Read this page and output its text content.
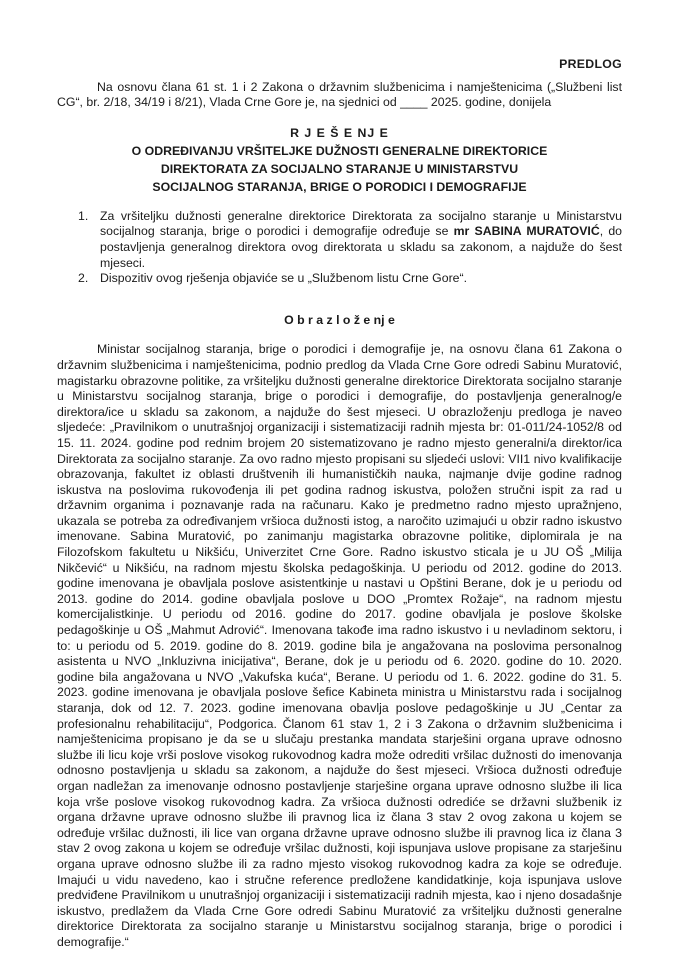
PREDLOG

Na osnovu člana 61 st. 1 i 2 Zakona o državnim službenicima i namještenicima („Službeni list CG“, br. 2/18, 34/19 i 8/21), Vlada Crne Gore je, na sjednici od ____ 2025. godine, donijela

R J E Š E NJ E
O ODREĐIVANJU VRŠITELJKE DUŽNOSTI GENERALNE DIREKTORICE
DIREKTORATA ZA SOCIJALNO STARANJE U MINISTARSTVU
SOCIJALNOG STARANJA, BRIGE O PORODICI I DEMOGRAFIJE
1. Za vršiteljku dužnosti generalne direktorice Direktorata za socijalno staranje u Ministarstvu socijalnog staranja, brige o porodici i demografije određuje se mr SABINA MURATOVIĆ, do postavljenja generalnog direktora ovog direktorata u skladu sa zakonom, a najduže do šest mjeseci.
2. Dispozitiv ovog rješenja objaviće se u „Službenom listu Crne Gore“.
O b r a z l o ž e nj e

Ministar socijalnog staranja, brige o porodici i demografije je, na osnovu člana 61 Zakona o državnim službenicima i namještenicima, podnio predlog da Vlada Crne Gore odredi Sabinu Muratović, magistarku obrazovne politike, za vršiteljku dužnosti generalne direktorice Direktorata socijalno staranje u Ministarstvu socijalnog staranja, brige o porodici i demografije, do postavljenja generalnog/e direktora/ice u skladu sa zakonom, a najduže do šest mjeseci. U obrazloženju predloga je naveo sljedeće: „Pravilnikom o unutrašnjoj organizaciji i sistematizaciji radnih mjesta br: 01-011/24-1052/8 od 15. 11. 2024. godine pod rednim brojem 20 sistematizovano je radno mjesto generalni/a direktor/ica Direktorata za socijalno staranje. Za ovo radno mjesto propisani su sljedeći uslovi: VII1 nivo kvalifikacije obrazovanja, fakultet iz oblasti društvenih ili humanističkih nauka, najmanje dvije godine radnog iskustva na poslovima rukovođenja ili pet godina radnog iskustva, položen stručni ispit za rad u državnim organima i poznavanje rada na računaru. Kako je predmetno radno mjesto upražnjeno, ukazala se potreba za određivanjem vršioca dužnosti istog, a naročito uzimajući u obzir radno iskustvo imenovane. Sabina Muratović, po zanimanju magistarka obrazovne politike, diplomirala je na Filozofskom fakultetu u Nikšiću, Univerzitet Crne Gore. Radno iskustvo sticala je u JU OŠ „Milija Nikčević“ u Nikšiću, na radnom mjestu školska pedagoškinja. U periodu od 2012. godine do 2013. godine imenovana je obavljala poslove asistentkinje u nastavi u Opštini Berane, dok je u periodu od 2013. godine do 2014. godine obavljala poslove u DOO „Promtex Rožaje“, na radnom mjestu komercijalistkinje. U periodu od 2016. godine do 2017. godine obavljala je poslove školske pedagoškinje u OŠ „Mahmut Adrović“. Imenovana takođe ima radno iskustvo i u nevladinom sektoru, i to: u periodu od 5. 2019. godine do 8. 2019. godine bila je angažovana na poslovima personalnog asistenta u NVO „Inkluzivna inicijativa“, Berane, dok je u periodu od 6. 2020. godine do 10. 2020. godine bila angažovana u NVO „Vakufska kuća“, Berane. U periodu od 1. 6. 2022. godine do 31. 5. 2023. godine imenovana je obavljala poslove šefice Kabineta ministra u Ministarstvu rada i socijalnog staranja, dok od 12. 7. 2023. godine imenovana obavlja poslove pedagoškinje u JU „Centar za profesionalnu rehabilitaciju“, Podgorica. Članom 61 stav 1, 2 i 3 Zakona o državnim službenicima i namještenicima propisano je da se u slučaju prestanka mandata starješini organa uprave odnosno službe ili licu koje vrši poslove visokog rukovodnog kadra može odrediti vršilac dužnosti do imenovanja odnosno postavljenja u skladu sa zakonom, a najduže do šest mjeseci. Vršioca dužnosti određuje organ nadležan za imenovanje odnosno postavljenje starješine organa uprave odnosno službe ili lica koja vrše poslove visokog rukovodnog kadra. Za vršioca dužnosti odrediće se državni službenik iz organa državne uprave odnosno službe ili pravnog lica iz člana 3 stav 2 ovog zakona u kojem se određuje vršilac dužnosti, ili lice van organa državne uprave odnosno službe ili pravnog lica iz člana 3 stav 2 ovog zakona u kojem se određuje vršilac dužnosti, koji ispunjava uslove propisane za starješinu organa uprave odnosno službe ili za radno mjesto visokog rukovodnog kadra za koje se određuje. Imajući u vidu navedeno, kao i stručne reference predložene kandidatkinje, koja ispunjava uslove predviđene Pravilnikom u unutrašnjoj organizaciji i sistematizaciji radnih mjesta, kao i njeno dosadašnje iskustvo, predlažem da Vlada Crne Gore odredi Sabinu Muratović za vršiteljku dužnosti generalne direktorice Direktorata za socijalno staranje u Ministarstvu socijalnog staranja, brige o porodici i demografije.“
